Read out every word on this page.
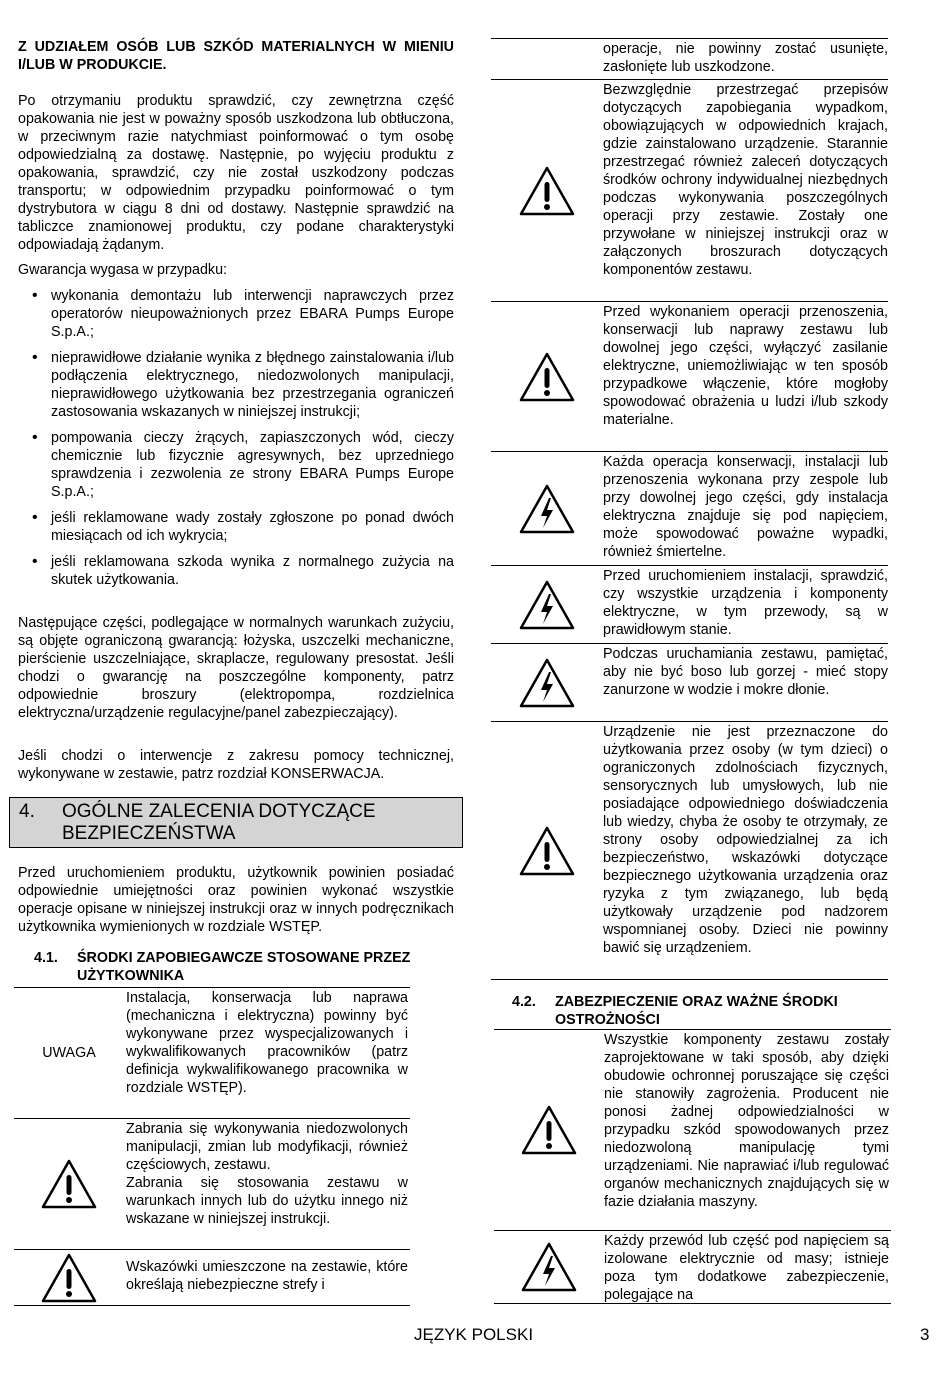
Z UDZIAŁEM OSÓB LUB SZKÓD MATERIALNYCH W MIENIU I/LUB W PRODUKCIE.

Po otrzymaniu produktu sprawdzić, czy zewnętrzna część opakowania nie jest w poważny sposób uszkodzona lub obtłuczona, w przeciwnym razie natychmiast poinformować o tym osobę odpowiedzialną za dostawę. Następnie, po wyjęciu produktu z opakowania, sprawdzić, czy nie został uszkodzony podczas transportu; w odpowiednim przypadku poinformować o tym dystrybutora w ciągu 8 dni od dostawy. Następnie sprawdzić na tabliczce znamionowej produktu, czy podane charakterystyki odpowiadają żądanym.

Gwarancja wygasa w przypadku:

• wykonania demontażu lub interwencji naprawczych przez operatorów nieupoważnionych przez EBARA Pumps Europe S.p.A.;
• nieprawidłowe działanie wynika z błędnego zainstalowania i/lub podłączenia elektrycznego, niedozwolonych manipulacji, nieprawidłowego użytkowania bez przestrzegania ograniczeń zastosowania wskazanych w niniejszej instrukcji;
• pompowania cieczy żrących, zapiaszczonych wód, cieczy chemicznie lub fizycznie agresywnych, bez uprzedniego sprawdzenia i zezwolenia ze strony EBARA Pumps Europe S.p.A.;
• jeśli reklamowane wady zostały zgłoszone po ponad dwóch miesiącach od ich wykrycia;
• jeśli reklamowana szkoda wynika z normalnego zużycia na skutek użytkowania.

Następujące części, podlegające w normalnych warunkach zużyciu, są objęte ograniczoną gwarancją: łożyska, uszczelki mechaniczne, pierścienie uszczelniające, skraplacze, regulowany presostat. Jeśli chodzi o gwarancję na poszczególne komponenty, patrz odpowiednie broszury (elektropompa, rozdzielnica elektryczna/urządzenie regulacyjne/panel zabezpieczający).

Jeśli chodzi o interwencje z zakresu pomocy technicznej, wykonywane w zestawie, patrz rozdział KONSERWACJA.

4. OGÓLNE ZALECENIA DOTYCZĄCE BEZPIECZEŃSTWA

Przed uruchomieniem produktu, użytkownik powinien posiadać odpowiednie umiejętności oraz powinien wykonać wszystkie operacje opisane w niniejszej instrukcji oraz w innych podręcznikach użytkownika wymienionych w rozdziale WSTĘP.

4.1. ŚRODKI ZAPOBIEGAWCZE STOSOWANE PRZEZ UŻYTKOWNIKA
UWAGA

Instalacja, konserwacja lub naprawa (mechaniczna i elektryczna) powinny być wykonywane przez wyspecjalizowanych i wykwalifikowanych pracowników (patrz definicja wykwalifikowanego pracownika w rozdziale WSTĘP).

Zabrania się wykonywania niedozwolonych manipulacji, zmian lub modyfikacji, również częściowych, zestawu.

Zabrania się stosowania zestawu w warunkach innych lub do użytku innego niż wskazane w niniejszej instrukcji.

Wskazówki umieszczone na zestawie, które określają niebezpieczne strefy i

operacje, nie powinny zostać usunięte, zasłonięte lub uszkodzone.

Bezwzględnie przestrzegać przepisów dotyczących zapobiegania wypadkom, obowiązujących w odpowiednich krajach, gdzie zainstalowano urządzenie. Starannie przestrzegać również zaleceń dotyczących środków ochrony indywidualnej niezbędnych podczas wykonywania poszczególnych operacji przy zestawie. Zostały one przywołane w niniejszej instrukcji oraz w załączonych broszurach dotyczących komponentów zestawu.

Przed wykonaniem operacji przenoszenia, konserwacji lub naprawy zestawu lub dowolnej jego części, wyłączyć zasilanie elektryczne, uniemożliwiając w ten sposób przypadkowe włączenie, które mogłoby spowodować obrażenia u ludzi i/lub szkody materialne.

Każda operacja konserwacji, instalacji lub przenoszenia wykonana przy zespole lub przy dowolnej jego części, gdy instalacja elektryczna znajduje się pod napięciem, może spowodować poważne wypadki, również śmiertelne.

Przed uruchomieniem instalacji, sprawdzić, czy wszystkie urządzenia i komponenty elektryczne, w tym przewody, są w prawidłowym stanie.

Podczas uruchamiania zestawu, pamiętać, aby nie być boso lub gorzej - mieć stopy zanurzone w wodzie i mokre dłonie.

Urządzenie nie jest przeznaczone do użytkowania przez osoby (w tym dzieci) o ograniczonych zdolnościach fizycznych, sensorycznych lub umysłowych, lub nie posiadające odpowiedniego doświadczenia lub wiedzy, chyba że osoby te otrzymały, ze strony osoby odpowiedzialnej za ich bezpieczeństwo, wskazówki dotyczące bezpiecznego użytkowania urządzenia oraz ryzyka z tym związanego, lub będą użytkowały urządzenie pod nadzorem wspomnianej osoby. Dzieci nie powinny bawić się urządzeniem.

4.2. ZABEZPIECZENIE ORAZ WAŻNE ŚRODKI OSTROŻNOŚCI

Wszystkie komponenty zestawu zostały zaprojektowane w taki sposób, aby dzięki obudowie ochronnej poruszające się części nie stanowiły zagrożenia. Producent nie ponosi żadnej odpowiedzialności w przypadku szkód spowodowanych przez niedozwoloną manipulację tymi urządzeniami. Nie naprawiać i/lub regulować organów mechanicznych znajdujących się w fazie działania maszyny.

Każdy przewód lub część pod napięciem są izolowane elektrycznie od masy; istnieje poza tym dodatkowe zabezpieczenie, polegające na

JĘZYK POLSKI	3
